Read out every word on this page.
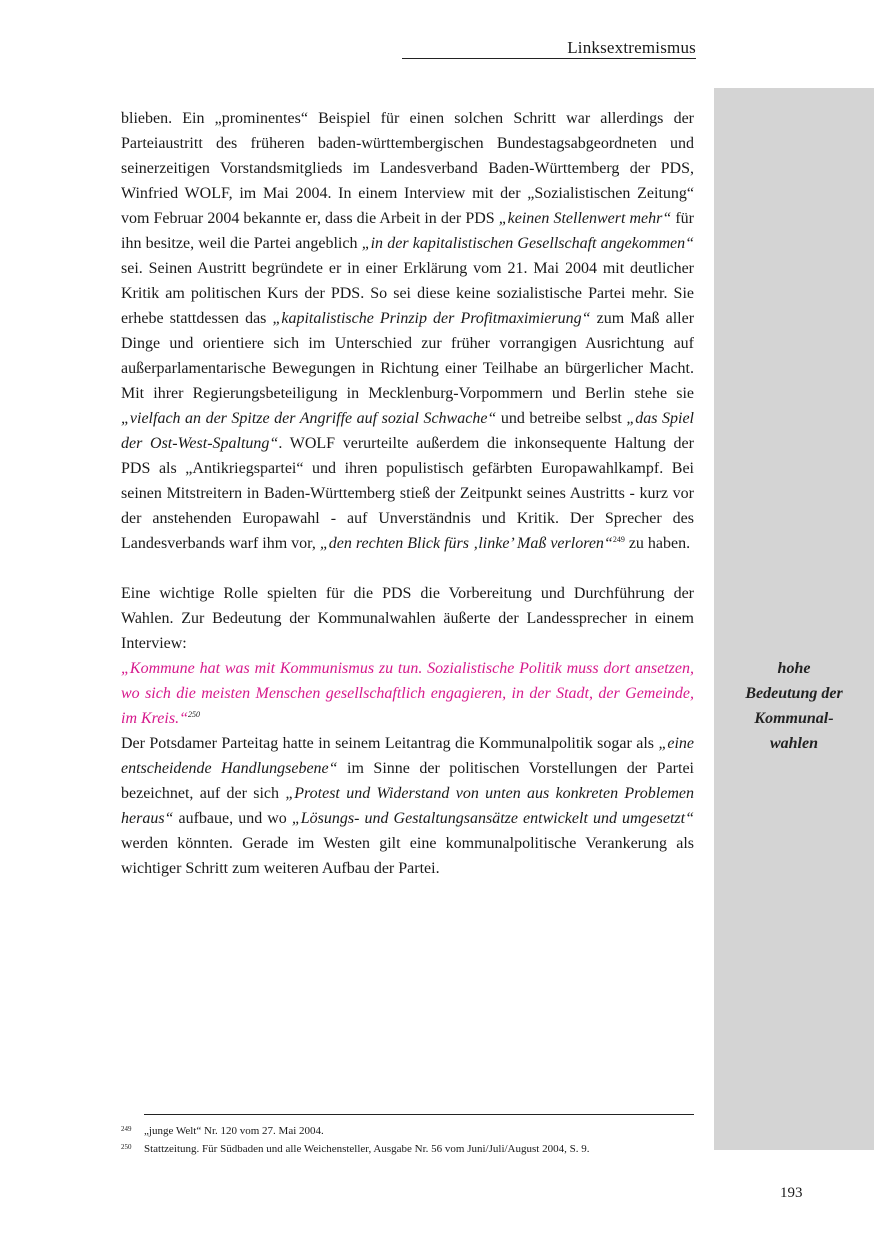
Linksextremismus
hohe
Bedeutung der
Kommunal-
wahlen

blieben. Ein „prominentes“ Beispiel für einen solchen Schritt war allerdings der Parteiaustritt des früheren baden-württembergischen Bundestagsabgeordneten und seinerzeitigen Vorstandsmitglieds im Landesverband Baden-Württemberg der PDS, Winfried WOLF, im Mai 2004. In einem Interview mit der „Sozialistischen Zeitung“ vom Februar 2004 bekannte er, dass die Arbeit in der PDS „keinen Stellenwert mehr“ für ihn besitze, weil die Partei angeblich „in der kapitalistischen Gesellschaft angekommen“ sei. Seinen Austritt begründete er in einer Erklärung vom 21. Mai 2004 mit deutlicher Kritik am politischen Kurs der PDS. So sei diese keine sozialistische Partei mehr. Sie erhebe stattdessen das „kapitalistische Prinzip der Profitmaximierung“ zum Maß aller Dinge und orientiere sich im Unterschied zur früher vorrangigen Ausrichtung auf außerparlamentarische Bewegungen in Richtung einer Teilhabe an bürgerlicher Macht. Mit ihrer Regierungsbeteiligung in Mecklenburg-Vorpommern und Berlin stehe sie „vielfach an der Spitze der Angriffe auf sozial Schwache“ und betreibe selbst „das Spiel der Ost-West-Spaltung“. WOLF verurteilte außerdem die inkonsequente Haltung der PDS als „Antikriegspartei“ und ihren populistisch gefärbten Europawahlkampf. Bei seinen Mitstreitern in Baden-Württemberg stieß der Zeitpunkt seines Austritts - kurz vor der anstehenden Europawahl - auf Unverständnis und Kritik. Der Sprecher des Landesverbands warf ihm vor, „den rechten Blick fürs ‚linke’ Maß verloren“$^{249}$ zu haben.

Eine wichtige Rolle spielten für die PDS die Vorbereitung und Durchführung der Wahlen. Zur Bedeutung der Kommunalwahlen äußerte der Landessprecher in einem Interview:

„Kommune hat was mit Kommunismus zu tun. Sozialistische Politik muss dort ansetzen, wo sich die meisten Menschen gesellschaftlich engagieren, in der Stadt, der Gemeinde, im Kreis.“$^{250}$

Der Potsdamer Parteitag hatte in seinem Leitantrag die Kommunalpolitik sogar als „eine entscheidende Handlungsebene“ im Sinne der politischen Vorstellungen der Partei bezeichnet, auf der sich „Protest und Widerstand von unten aus konkreten Problemen heraus“ aufbaue, und wo „Lösungs- und Gestaltungsansätze entwickelt und umgesetzt“ werden könnten. Gerade im Westen gilt eine kommunalpolitische Verankerung als wichtiger Schritt zum weiteren Aufbau der Partei.

249 „junge Welt“ Nr. 120 vom 27. Mai 2004.
250 Stattzeitung. Für Südbaden und alle Weichensteller, Ausgabe Nr. 56 vom Juni/Juli/August 2004, S. 9.
193
